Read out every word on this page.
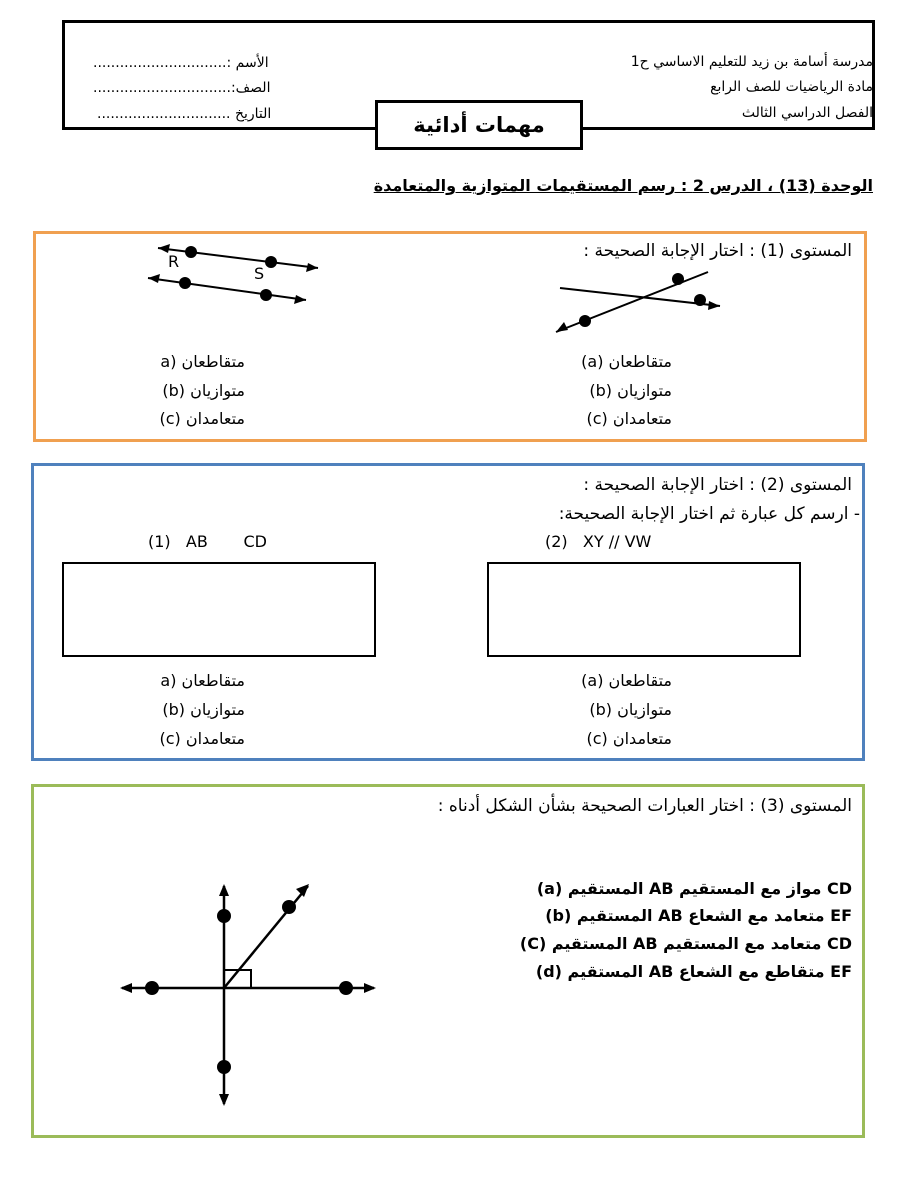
مدرسة أسامة بن زيد للتعليم الاساسي ح1
مادة الرياضيات للصف الرابع
الفصل الدراسي الثالث
الأسم :..............................
الصف:...............................
التاريخ ..............................	مهمات أدائية
الوحدة (13) ، الدرس 2 : رسم المستقيمات المتوازية والمتعامدة
المستوى (1) : اختار الإجابة الصحيحة :
R
S
(a) متقاطعان
(b) متوازيان
(c) متعامدان
a) متقاطعان
(b) متوازيان
(c) متعامدان
المستوى (2) : اختار الإجابة الصحيحة :
- ارسم كل عبارة ثم اختار الإجابة الصحيحة:
(1)   AB       CD	(2)   XY // VW
(a) متقاطعان
(b) متوازيان
(c) متعامدان
a) متقاطعان
(b) متوازيان
(c) متعامدان
المستوى (3) : اختار العبارات الصحيحة بشأن الشكل أدناه :
(a) المستقيم AB مواز مع المستقيم CD
(b) المستقيم AB متعامد مع الشعاع EF
(C) المستقيم AB متعامد مع المستقيم CD
(d) المستقيم AB متقاطع مع الشعاع EF
